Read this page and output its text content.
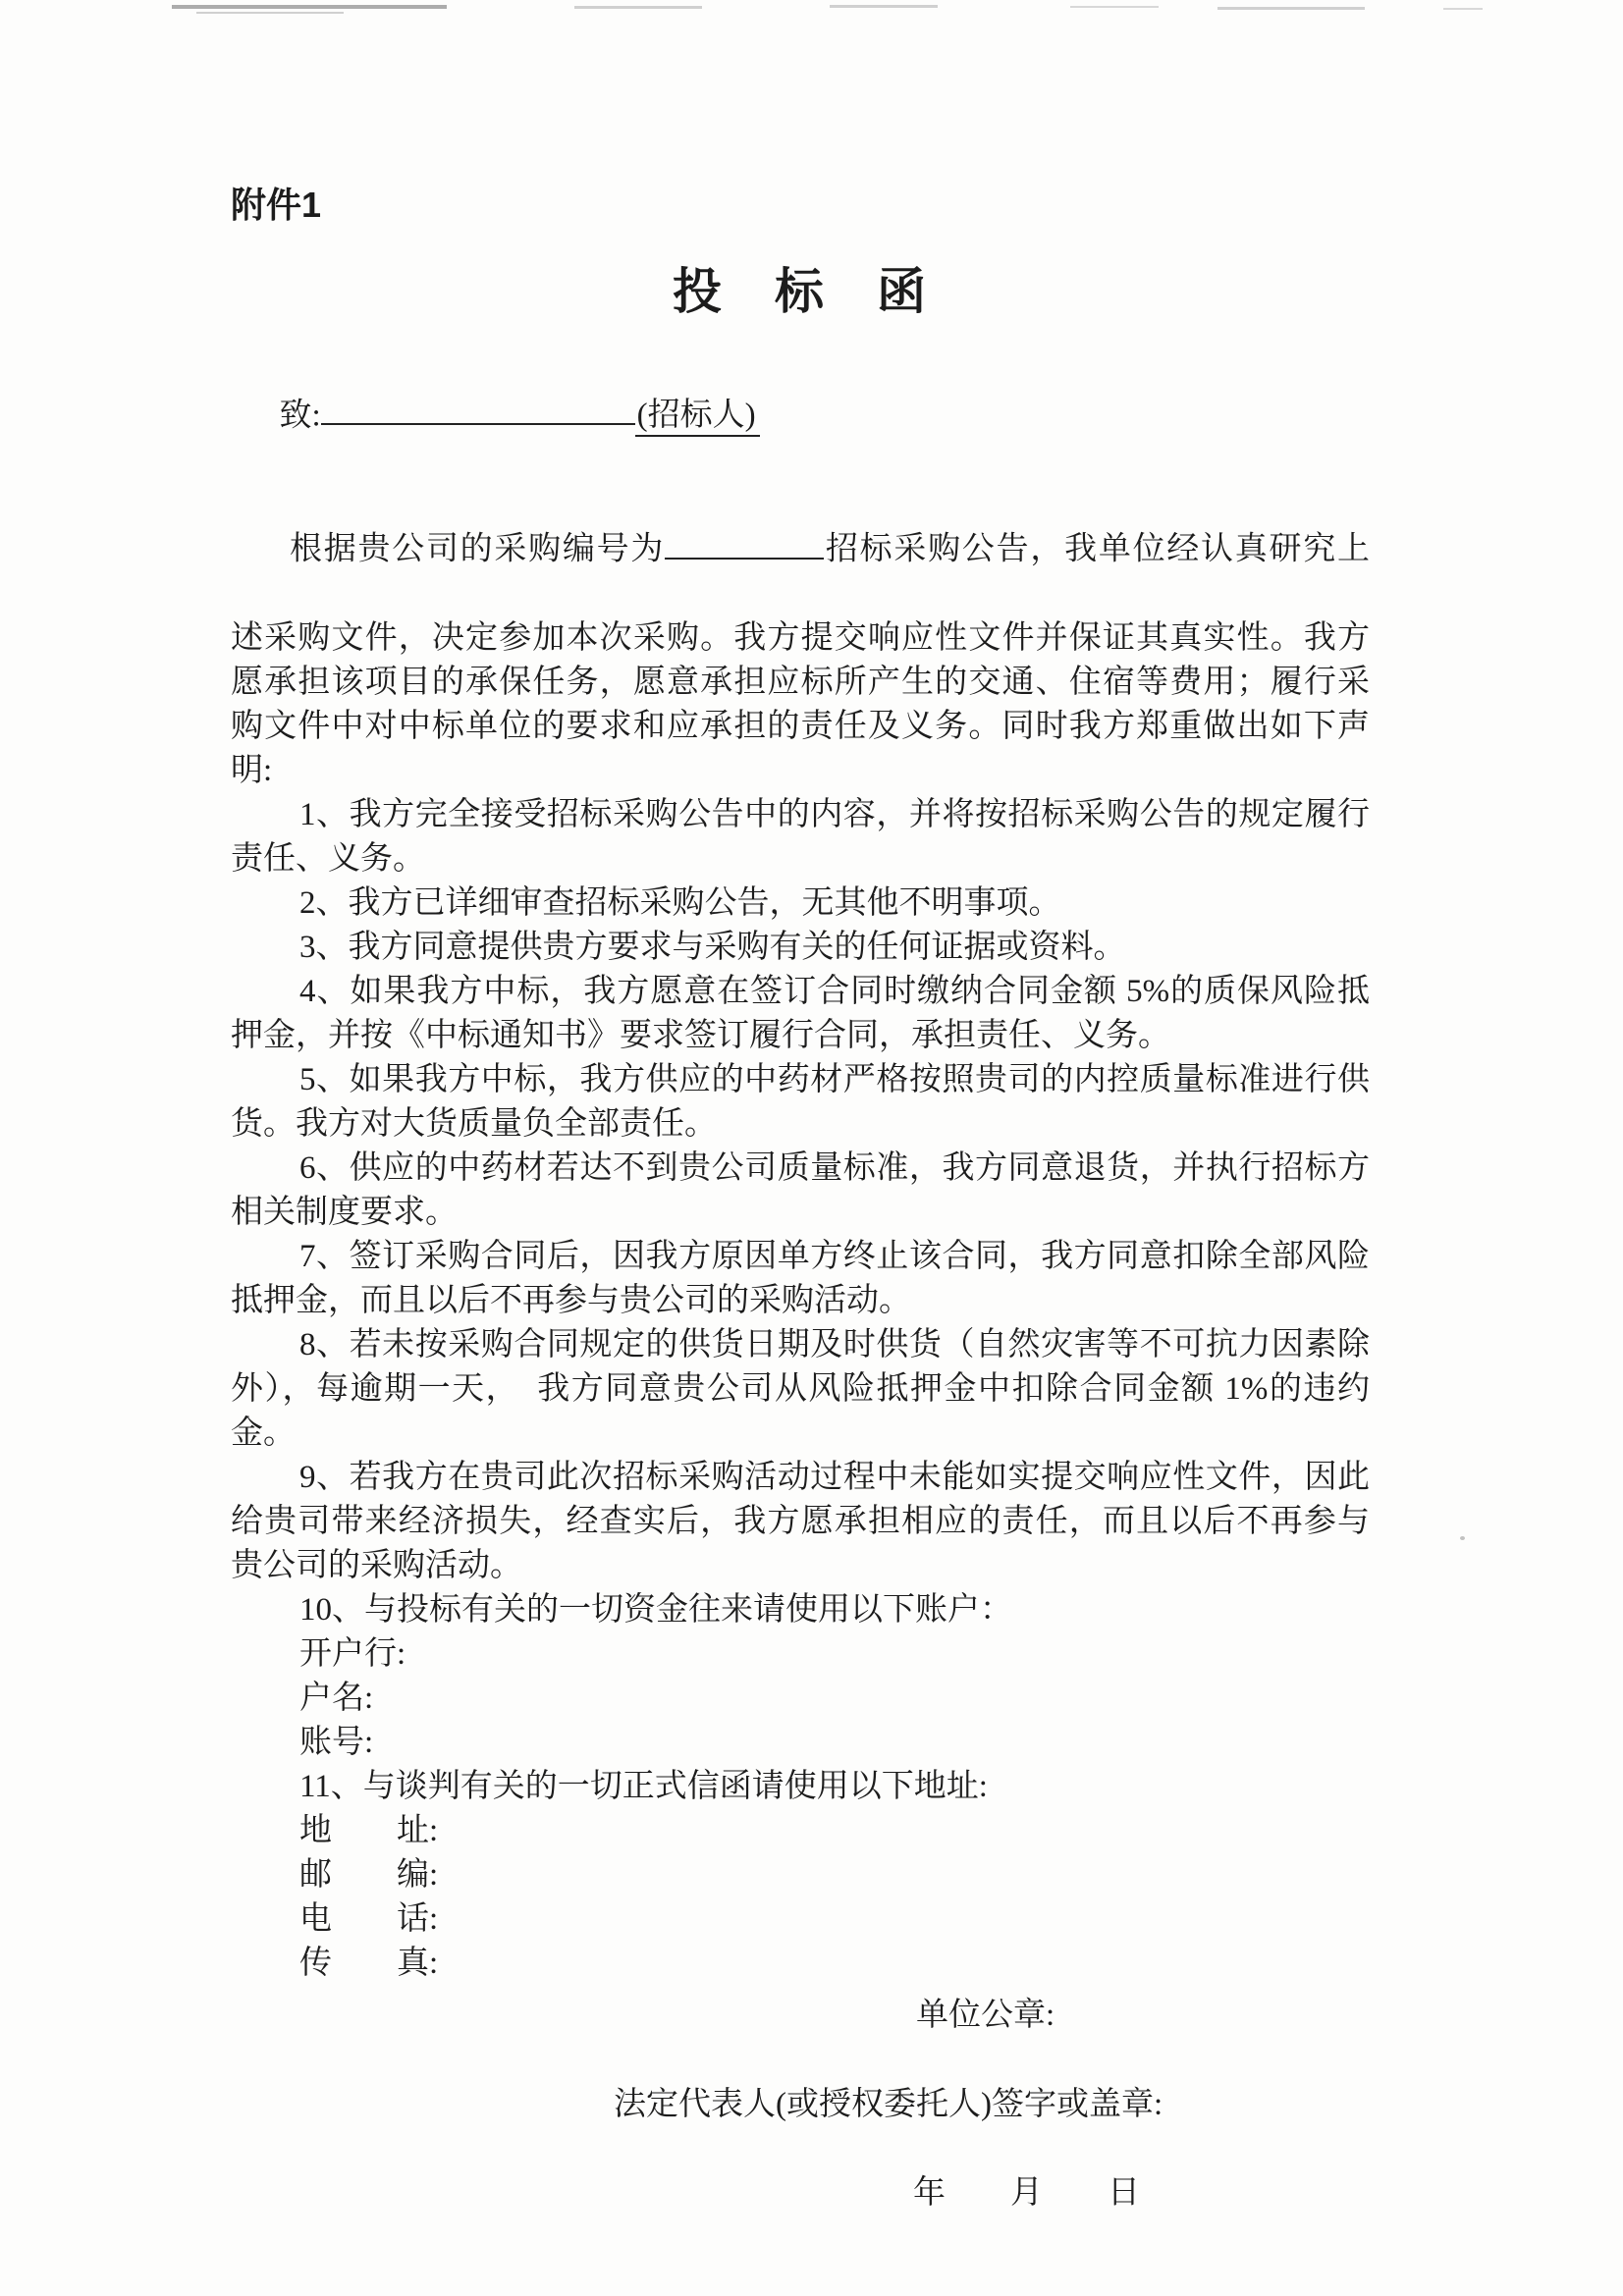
附件1
投　标　函

致:	(招标人)

根据贵公司的采购编号为	招标采购公告，我单位经认真研究上

述采购文件，决定参加本次采购。我方提交响应性文件并保证其真实性。我方
愿承担该项目的承保任务，愿意承担应标所产生的交通、住宿等费用；履行采
购文件中对中标单位的要求和应承担的责任及义务。同时我方郑重做出如下声
明:
1、我方完全接受招标采购公告中的内容，并将按招标采购公告的规定履行
责任、义务。
2、我方已详细审查招标采购公告，无其他不明事项。
3、我方同意提供贵方要求与采购有关的任何证据或资料。
4、如果我方中标，我方愿意在签订合同时缴纳合同金额 5%的质保风险抵
押金，并按《中标通知书》要求签订履行合同，承担责任、义务。
5、如果我方中标，我方供应的中药材严格按照贵司的内控质量标准进行供
货。我方对大货质量负全部责任。
6、供应的中药材若达不到贵公司质量标准，我方同意退货，并执行招标方
相关制度要求。
7、签订采购合同后，因我方原因单方终止该合同，我方同意扣除全部风险
抵押金，而且以后不再参与贵公司的采购活动。
8、若未按采购合同规定的供货日期及时供货（自然灾害等不可抗力因素除
外），每逾期一天，　我方同意贵公司从风险抵押金中扣除合同金额 1%的违约
金。
9、若我方在贵司此次招标采购活动过程中未能如实提交响应性文件，因此
给贵司带来经济损失，经查实后，我方愿承担相应的责任，而且以后不再参与
贵公司的采购活动。
10、与投标有关的一切资金往来请使用以下账户：
开户行:
户名:
账号:
11、与谈判有关的一切正式信函请使用以下地址:
地　　址:
邮　　编:
电　　话:
传　　真:
单位公章:
法定代表人(或授权委托人)签字或盖章:
年　　月　　日
